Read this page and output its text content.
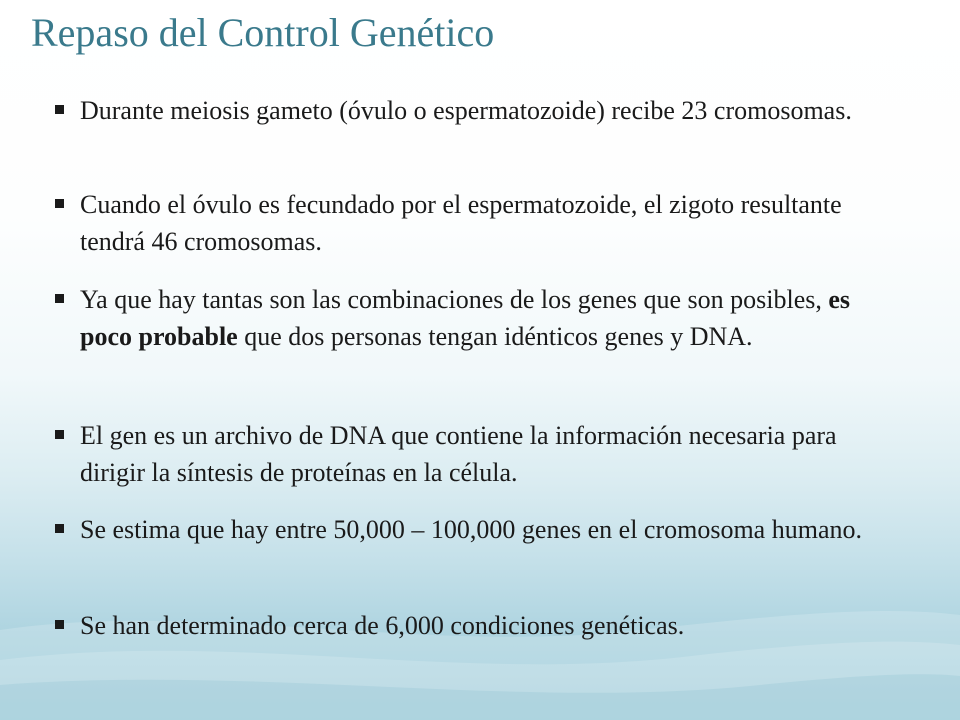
Repaso del Control Genético
Durante meiosis gameto (óvulo o espermatozoide) recibe 23 cromosomas.
Cuando el óvulo es fecundado por el espermatozoide, el zigoto resultante tendrá 46 cromosomas.
Ya que hay tantas son las combinaciones de los genes que son posibles, es poco probable que dos personas tengan idénticos genes y DNA.
El gen es un archivo de DNA que contiene la información necesaria para dirigir la síntesis de proteínas en la célula.
Se estima que hay entre 50,000 – 100,000 genes en el cromosoma humano.
Se han determinado cerca de 6,000 condiciones genéticas.
